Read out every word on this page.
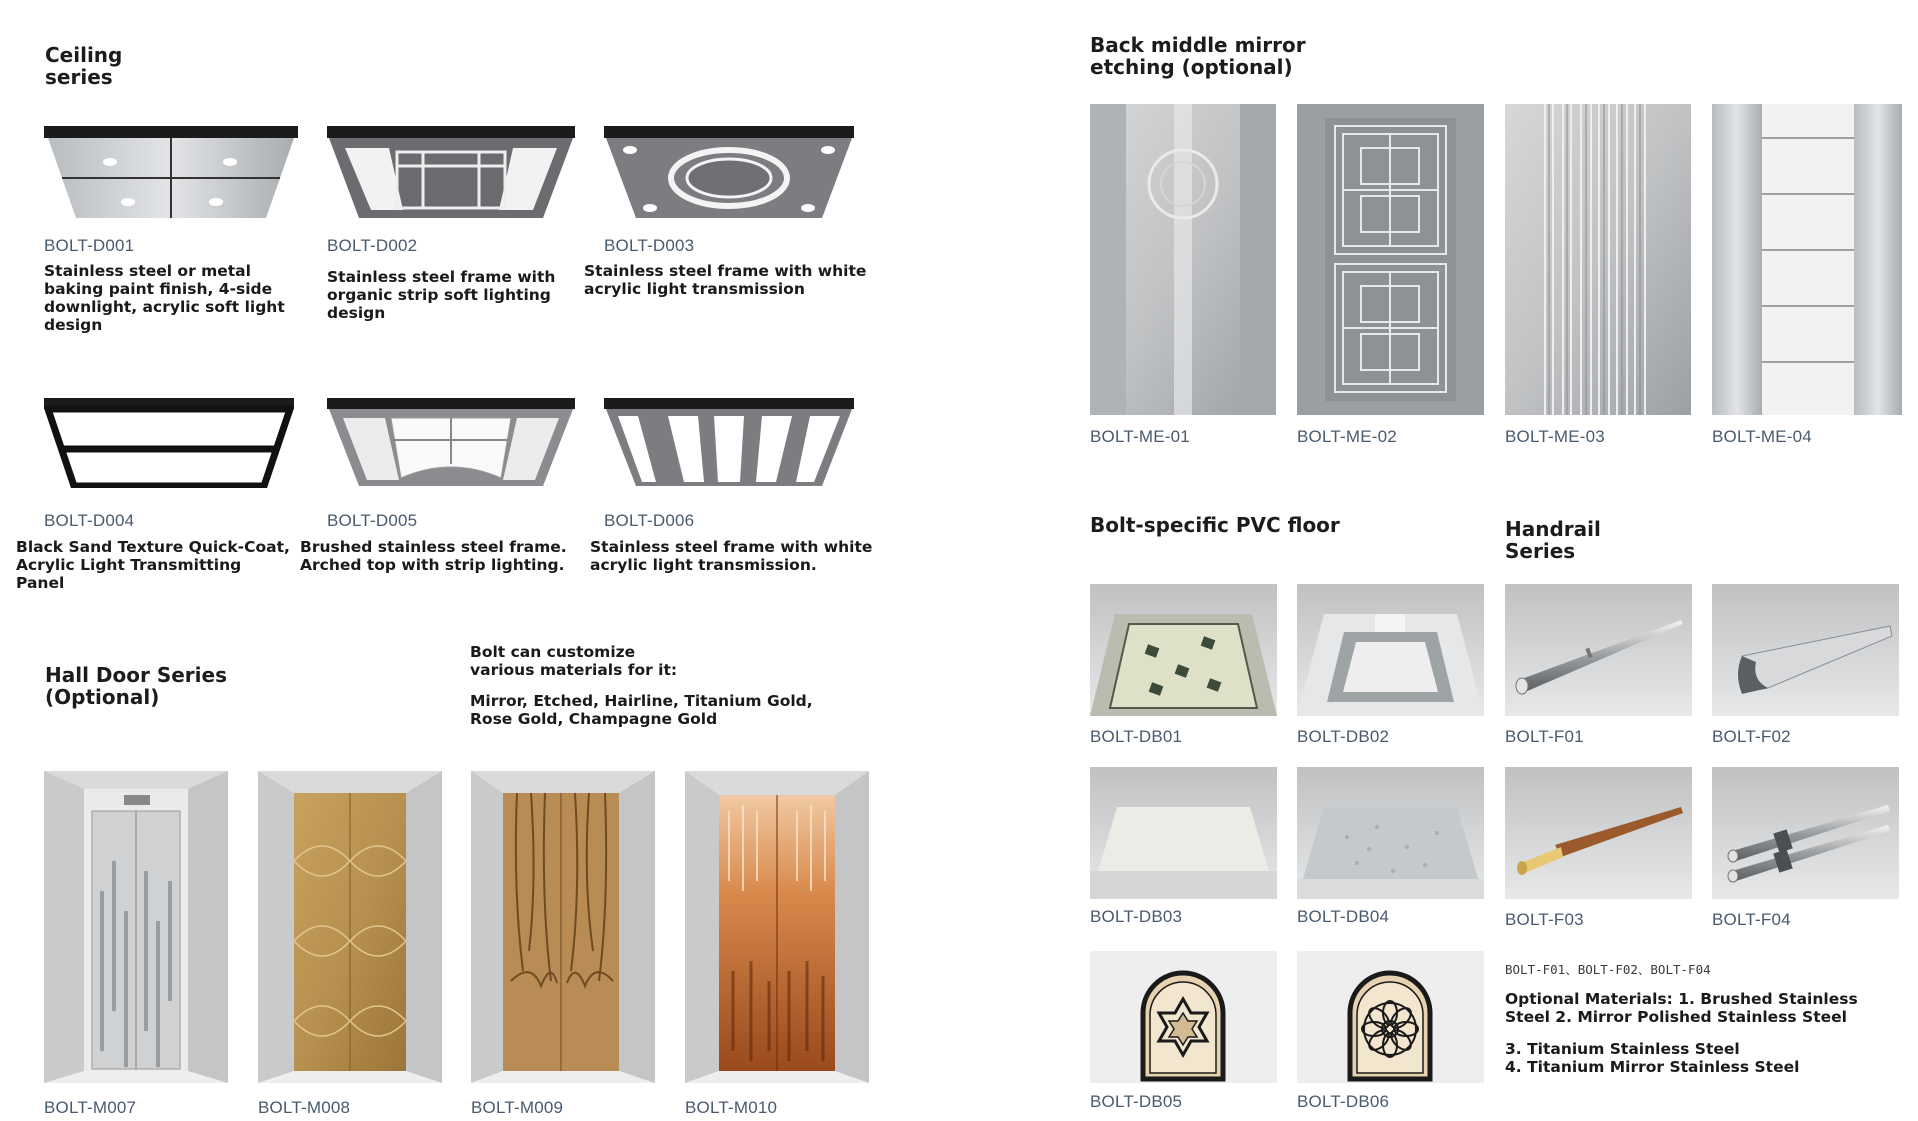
Ceiling
series
BOLT-D001
Stainless steel or metal
baking paint finish, 4-side
downlight, acrylic soft light
design
BOLT-D002
Stainless steel frame with
organic strip soft lighting
design
BOLT-D003
Stainless steel frame with white
acrylic light transmission
BOLT-D004
Black Sand Texture Quick-Coat,
Acrylic Light Transmitting
Panel
BOLT-D005
Brushed stainless steel frame.
Arched top with strip lighting.
BOLT-D006
Stainless steel frame with white
acrylic light transmission.
Hall Door Series
(Optional)
Bolt can customize
various materials for it:
Mirror, Etched, Hairline, Titanium Gold,
Rose Gold, Champagne Gold
BOLT-M007	BOLT-M008	BOLT-M009	BOLT-M010
Back middle mirror
etching (optional)
BOLT-ME-01	BOLT-ME-02	BOLT-ME-03	BOLT-ME-04
Bolt-specific PVC floor
BOLT-DB01	BOLT-DB02
BOLT-DB03	BOLT-DB04
BOLT-DB05	BOLT-DB06
Handrail
Series
BOLT-F01	BOLT-F02
BOLT-F03	BOLT-F04
BOLT-F01、BOLT-F02、BOLT-F04
Optional Materials: 1. Brushed Stainless
Steel 2. Mirror Polished Stainless Steel
3. Titanium Stainless Steel
4. Titanium Mirror Stainless Steel
